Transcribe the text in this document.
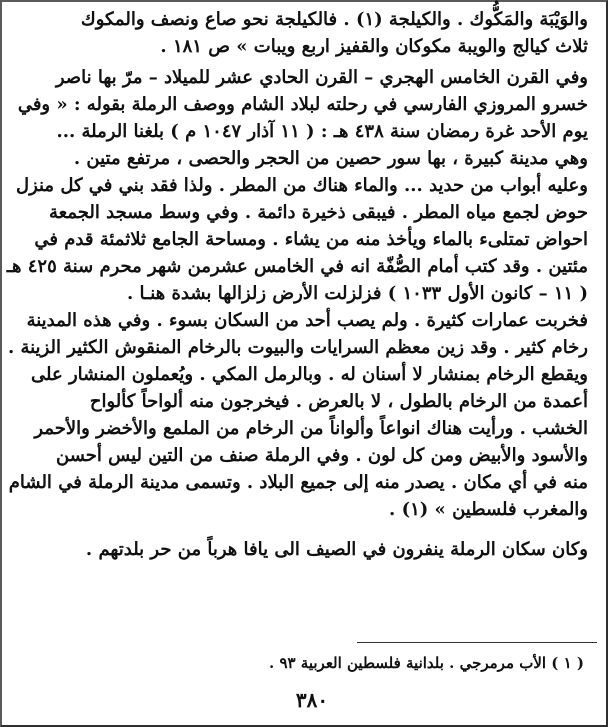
والوَيْبَة والمَكُّوك . والكيلجة (١) . فالكيلجة نحو صاع ونصف والمكوك
ثلاث كيالج والويبة مكوكان والقفيز اربع ويبات » ص ١٨١ .
وفي القرن الخامس الهجري – القرن الحادي عشر للميلاد – مرّ بها ناصر
خسرو المروزي الفارسي في رحلته لبلاد الشام ووصف الرملة بقوله : « وفي
يوم الأحد غرة رمضان سنة ٤٣٨ هـ : ( ١١ آذار ١٠٤٧ م ) بلغنا الرملة ...
وهي مدينة كبيرة ، بها سور حصين من الحجر والحصى ، مرتفع متين .
وعليه أبواب من حديد ... والماء هناك من المطر . ولذا فقد بني في كل منزل
حوض لجمع مياه المطر . فيبقى ذخيرة دائمة . وفي وسط مسجد الجمعة
احواض تمتلىء بالماء ويأخذ منه من يشاء . ومساحة الجامع ثلاثمئة قدم في
مئتين . وقد كتب أمام الصُّفّة انه في الخامس عشرمن شهر محرم سنة ٤٢٥ هـ
( ١١ – كانون الأول ١٠٣٣ ) فزلزلت الأرض زلزالها بشدة هنـا .
فخربت عمارات كثيرة . ولم يصب أحد من السكان بسوء . وفي هذه المدينة
رخام كثير . وقد زين معظم السرايات والبيوت بالرخام المنقوش الكثير الزينة .
ويقطع الرخام بمنشار لا أسنان له . وبالرمل المكي . ويُعملون المنشار على
أعمدة من الرخام بالطول ، لا بالعرض . فيخرجون منه ألواحاً كألواح
الخشب . ورأيت هناك انواعاً وألواناً من الرخام من الملمع والأخضر والأحمر
والأسود والأبيض ومن كل لون . وفي الرملة صنف من التين ليس أحسن
منه في أي مكان . يصدر منه إلى جميع البلاد . وتسمى مدينة الرملة في الشام
والمغرب فلسطين » (١) .
وكان سكان الرملة ينفرون في الصيف الى يافا هرباً من حر بلدتهم .
( ١ ) الأب مرمرجي . بلدانية فلسطين العربية ٩٣ .
٣٨٠
